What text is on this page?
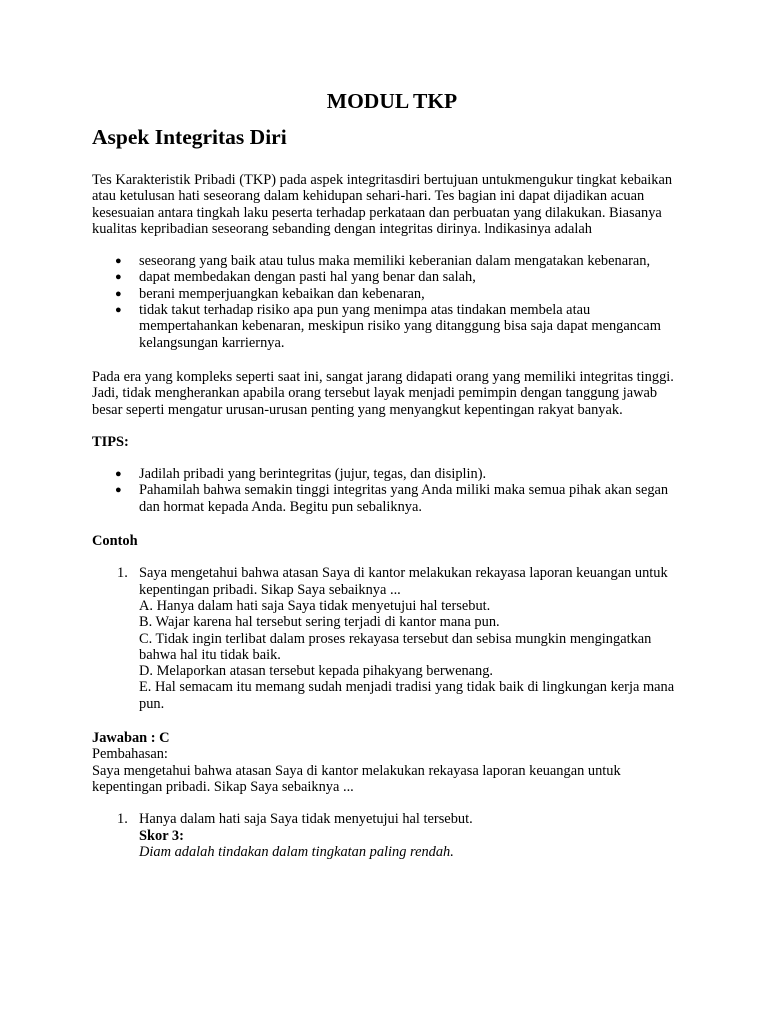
MODUL TKP
Aspek Integritas Diri

Tes Karakteristik Pribadi (TKP) pada aspek integritasdiri bertujuan untukmengukur tingkat kebaikan atau ketulusan hati seseorang dalam kehidupan sehari-hari. Tes bagian ini dapat dijadikan acuan kesesuaian antara tingkah laku peserta terhadap perkataan dan perbuatan yang dilakukan. Biasanya kualitas kepribadian seseorang sebanding dengan integritas dirinya. lndikasinya adalah

● seseorang yang baik atau tulus maka memiliki keberanian dalam mengatakan kebenaran,
● dapat membedakan dengan pasti hal yang benar dan salah,
● berani memperjuangkan kebaikan dan kebenaran,
● tidak takut terhadap risiko apa pun yang menimpa atas tindakan membela atau mempertahankan kebenaran, meskipun risiko yang ditanggung bisa saja dapat mengancam kelangsungan karriernya.

Pada era yang kompleks seperti saat ini, sangat jarang didapati orang yang memiliki integritas tinggi. Jadi, tidak mengherankan apabila orang tersebut layak menjadi pemimpin dengan tanggung jawab besar seperti mengatur urusan-urusan penting yang menyangkut kepentingan rakyat banyak.

TIPS:

● Jadilah pribadi yang berintegritas (jujur, tegas, dan disiplin).
● Pahamilah bahwa semakin tinggi integritas yang Anda miliki maka semua pihak akan segan dan hormat kepada Anda. Begitu pun sebaliknya.

Contoh

1. Saya mengetahui bahwa atasan Saya di kantor melakukan rekayasa laporan keuangan untuk kepentingan pribadi. Sikap Saya sebaiknya ...
A. Hanya dalam hati saja Saya tidak menyetujui hal tersebut.
B. Wajar karena hal tersebut sering terjadi di kantor mana pun.
C. Tidak ingin terlibat dalam proses rekayasa tersebut dan sebisa mungkin mengingatkan bahwa hal itu tidak baik.
D. Melaporkan atasan tersebut kepada pihakyang berwenang.
E. Hal semacam itu memang sudah menjadi tradisi yang tidak baik di lingkungan kerja mana pun.

Jawaban : C

Pembahasan:

Saya mengetahui bahwa atasan Saya di kantor melakukan rekayasa laporan keuangan untuk kepentingan pribadi. Sikap Saya sebaiknya ...

1. Hanya dalam hati saja Saya tidak menyetujui hal tersebut.
Skor 3:
Diam adalah tindakan dalam tingkatan paling rendah.
